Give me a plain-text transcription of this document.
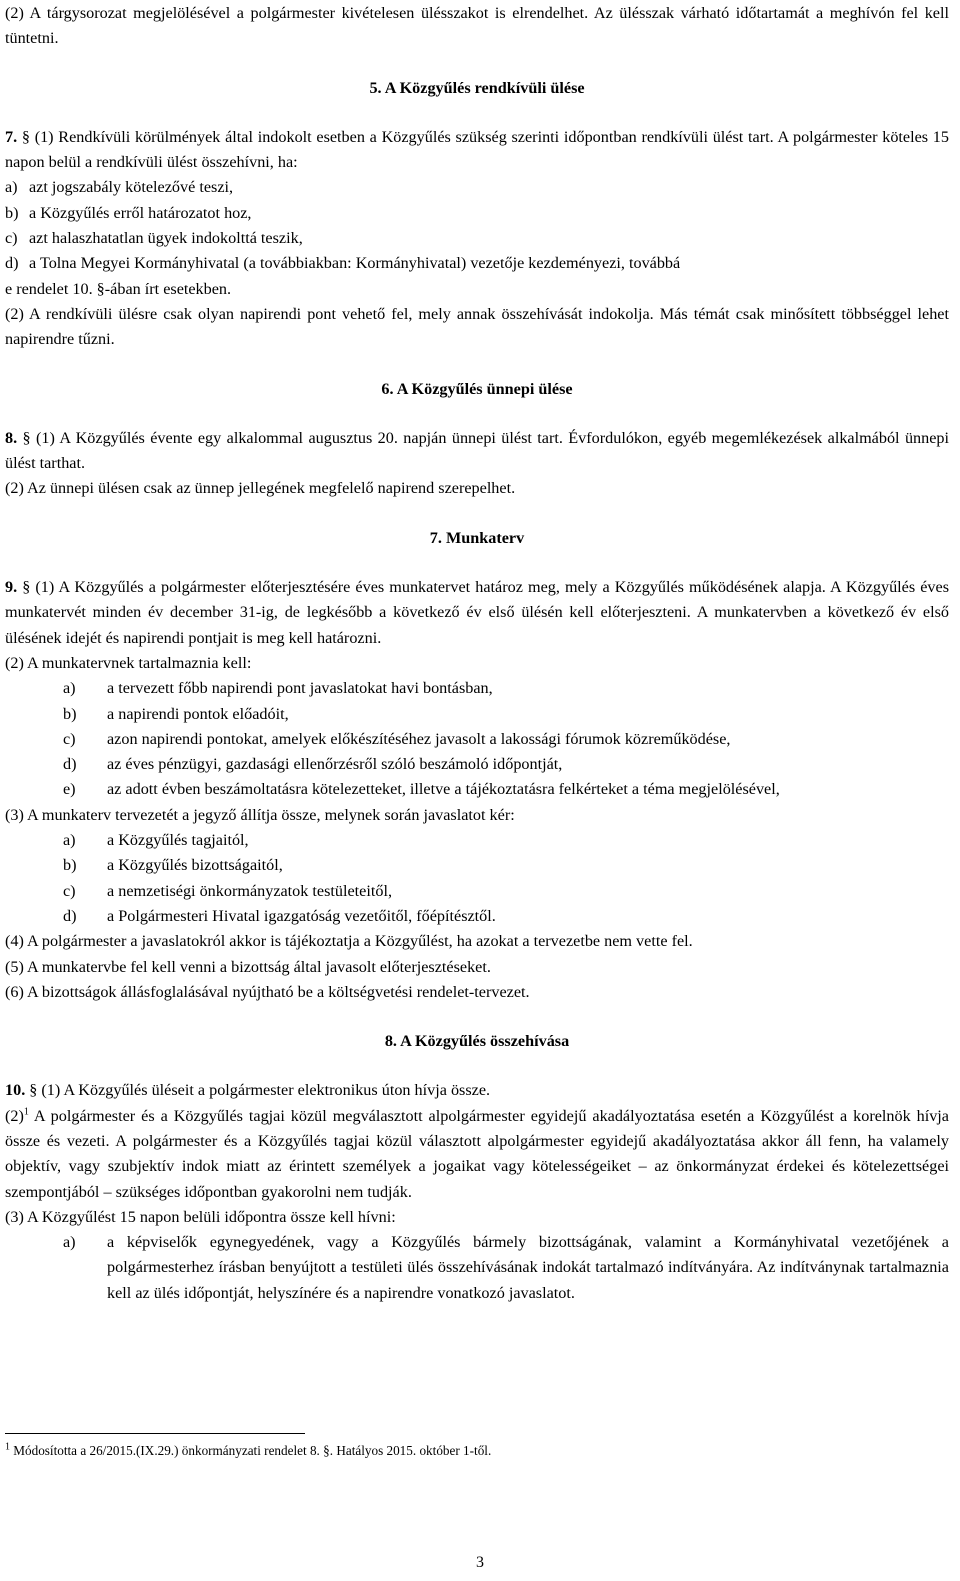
(2) A tárgysorozat megjelölésével a polgármester kivételesen ülésszakot is elrendelhet. Az ülésszak várható időtartamát a meghívón fel kell tüntetni.

5. A Közgyűlés rendkívüli ülése

7. § (1) Rendkívüli körülmények által indokolt esetben a Közgyűlés szükség szerinti időpontban rendkívüli ülést tart. A polgármester köteles 15 napon belül a rendkívüli ülést összehívni, ha:

a) azt jogszabály kötelezővé teszi,
b) a Közgyűlés erről határozatot hoz,
c) azt halaszhatatlan ügyek indokolttá teszik,
d) a Tolna Megyei Kormányhivatal (a továbbiakban: Kormányhivatal) vezetője kezdeményezi, továbbá

e rendelet 10. §-ában írt esetekben.

(2) A rendkívüli ülésre csak olyan napirendi pont vehető fel, mely annak összehívását indokolja. Más témát csak minősített többséggel lehet napirendre tűzni.

6. A Közgyűlés ünnepi ülése

8. § (1) A Közgyűlés évente egy alkalommal augusztus 20. napján ünnepi ülést tart. Évfordulókon, egyéb megemlékezések alkalmából ünnepi ülést tarthat.

(2) Az ünnepi ülésen csak az ünnep jellegének megfelelő napirend szerepelhet.

7. Munkaterv

9. § (1) A Közgyűlés a polgármester előterjesztésére éves munkatervet határoz meg, mely a Közgyűlés működésének alapja. A Közgyűlés éves munkatervét minden év december 31-ig, de legkésőbb a következő év első ülésén kell előterjeszteni. A munkatervben a következő év első ülésének idejét és napirendi pontjait is meg kell határozni.

(2) A munkatervnek tartalmaznia kell:

a)	a tervezett főbb napirendi pont javaslatokat havi bontásban,
b)	a napirendi pontok előadóit,
c)	azon napirendi pontokat, amelyek előkészítéséhez javasolt a lakossági fórumok közreműködése,
d)	az éves pénzügyi, gazdasági ellenőrzésről szóló beszámoló időpontját,
e)	az adott évben beszámoltatásra kötelezetteket, illetve a tájékoztatásra felkérteket a téma megjelölésével,

(3) A munkaterv tervezetét a jegyző állítja össze, melynek során javaslatot kér:

a)	a Közgyűlés tagjaitól,
b)	a Közgyűlés bizottságaitól,
c)	a nemzetiségi önkormányzatok testületeitől,
d)	a Polgármesteri Hivatal igazgatóság vezetőitől, főépítésztől.

(4) A polgármester a javaslatokról akkor is tájékoztatja a Közgyűlést, ha azokat a tervezetbe nem vette fel.

(5) A munkatervbe fel kell venni a bizottság által javasolt előterjesztéseket.

(6) A bizottságok állásfoglalásával nyújtható be a költségvetési rendelet-tervezet.

8. A Közgyűlés összehívása

10. § (1) A Közgyűlés üléseit a polgármester elektronikus úton hívja össze.

$(2)^1$ A polgármester és a Közgyűlés tagjai közül megválasztott alpolgármester egyidejű akadályoztatása esetén a Közgyűlést a korelnök hívja össze és vezeti. A polgármester és a Közgyűlés tagjai közül választott alpolgármester egyidejű akadályoztatása akkor áll fenn, ha valamely objektív, vagy szubjektív indok miatt az érintett személyek a jogaikat vagy kötelességeiket – az önkormányzat érdekei és kötelezettségei szempontjából – szükséges időpontban gyakorolni nem tudják.

(3) A Közgyűlést 15 napon belüli időpontra össze kell hívni:

a)	a képviselők egynegyedének, vagy a Közgyűlés bármely bizottságának, valamint a Kormányhivatal vezetőjének a polgármesterhez írásban benyújtott a testületi ülés összehívásának indokát tartalmazó indítványára. Az indítványnak tartalmaznia kell az ülés időpontját, helyszínére és a napirendre vonatkozó javaslatot.
$^1$ Módosította a 26/2015.(IX.29.) önkormányzati rendelet 8. §. Hatályos 2015. október 1-től.
3
